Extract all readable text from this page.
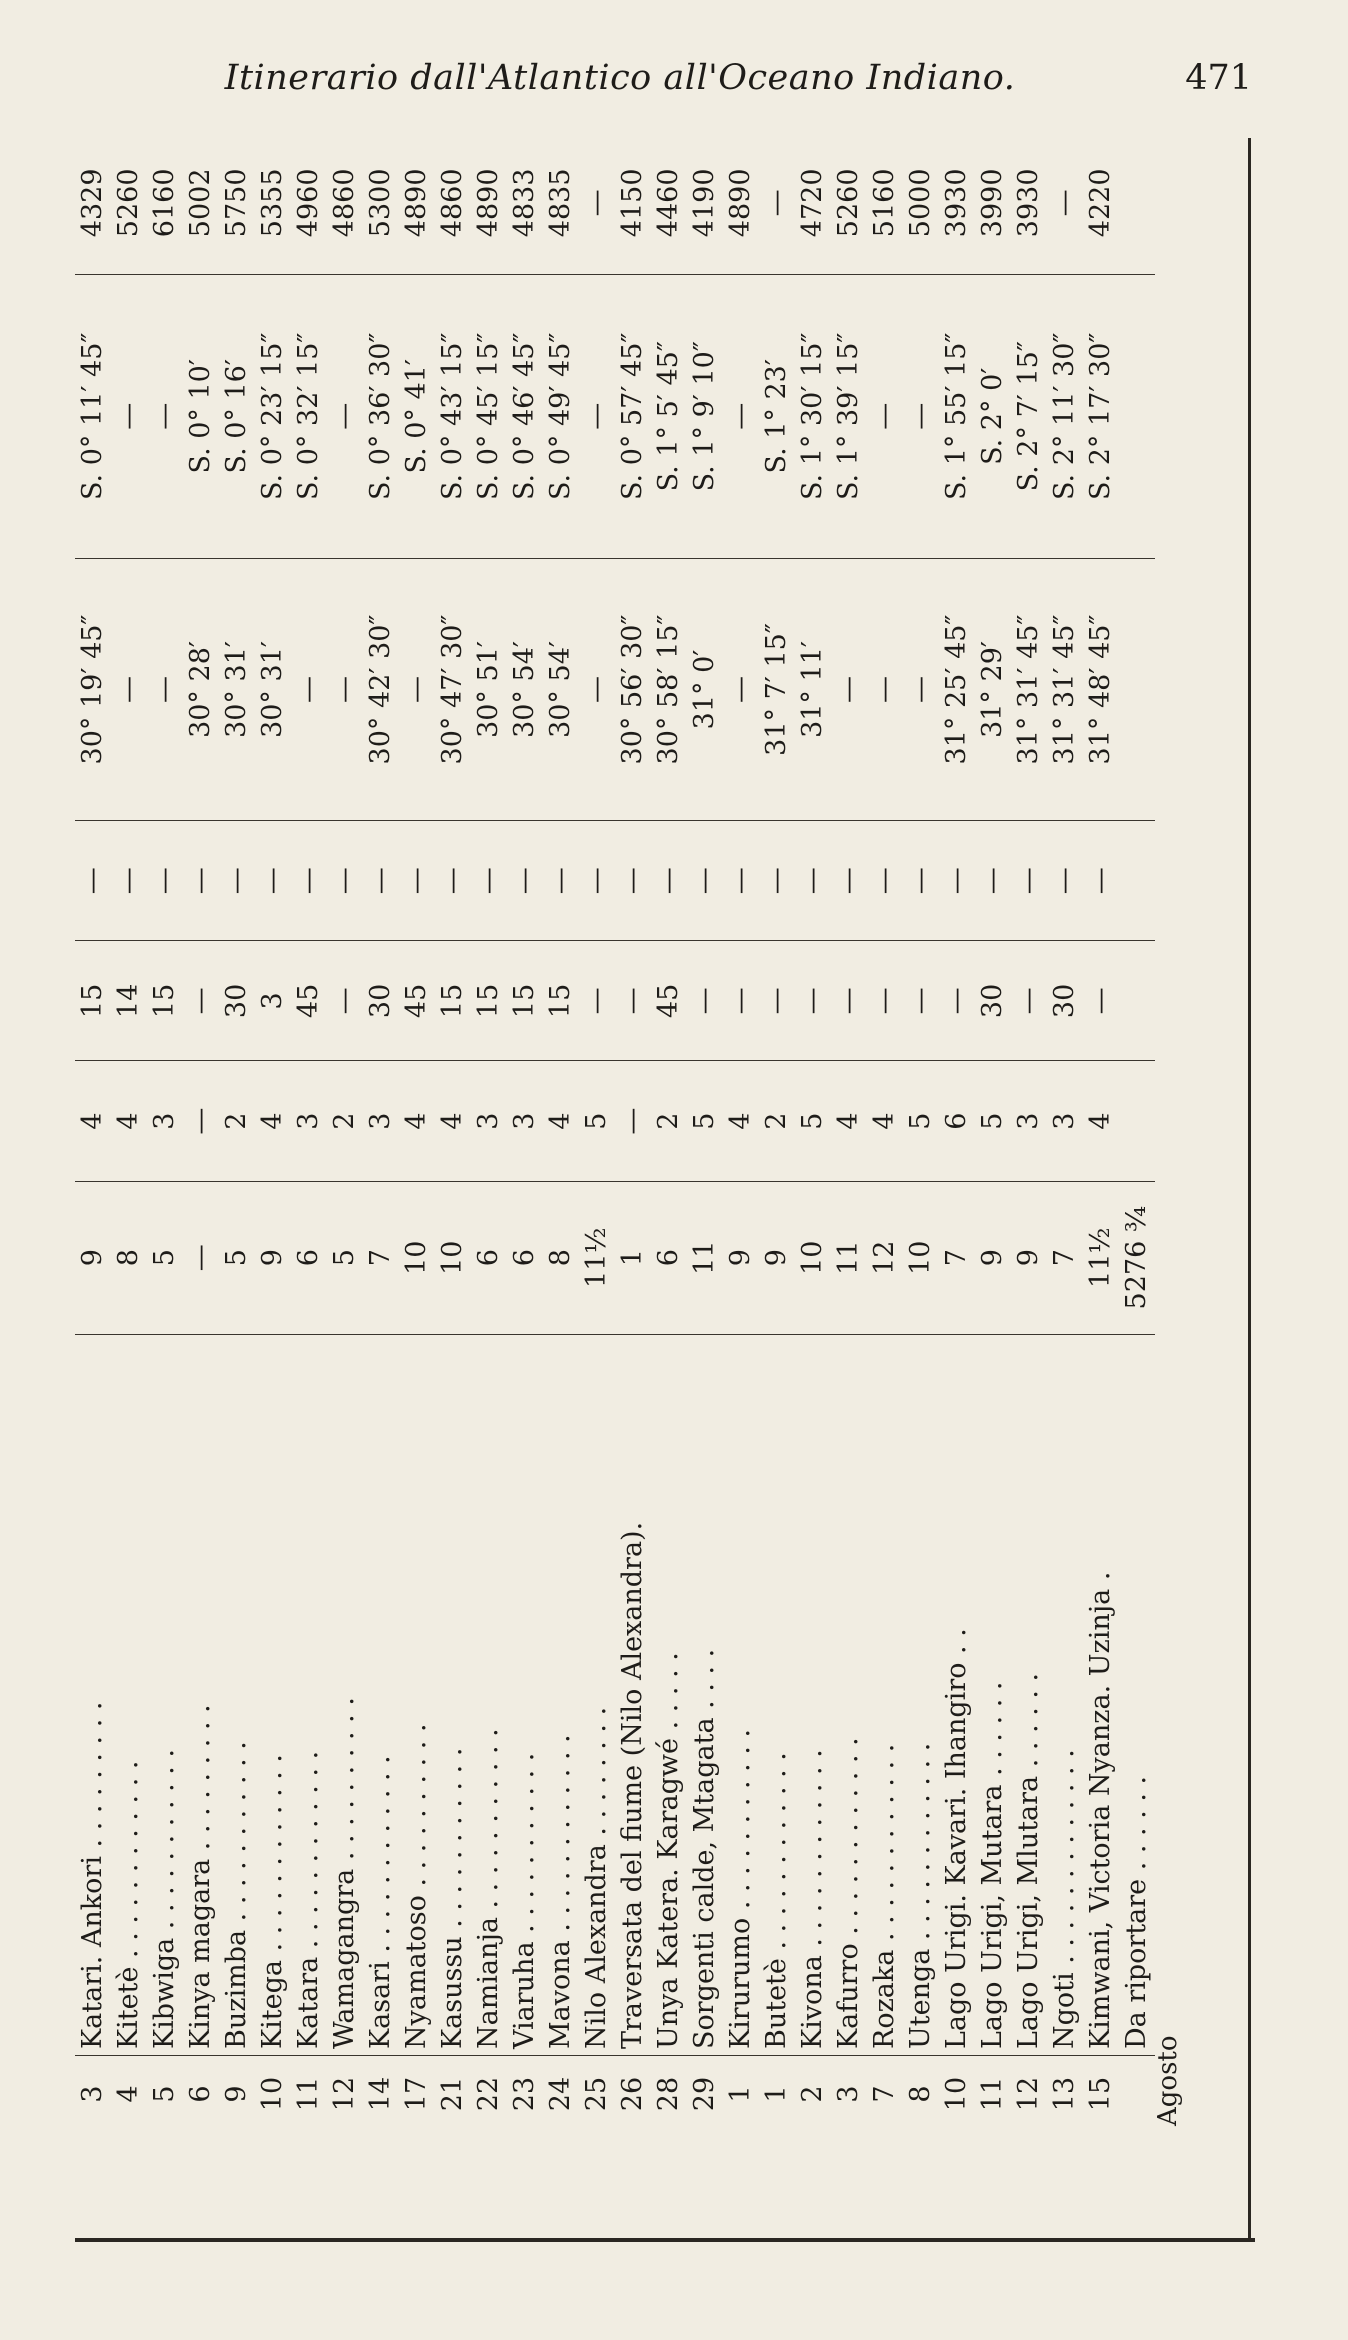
Itinerario dall'Atlantico all'Oceano Indiano.	471
3	Katari. Ankori . . . . . . . . .	9	4	15	—	30° 19′ 45″	S. 0° 11′ 45″	4329
4	Kitetè . . . . . . . . . . . .	8	4	14	—	—	—	5260
5	Kibwiga . . . . . . . . . . .	5	3	15	—	—	—	6160
6	Kinya magara . . . . . . . . .	—	—	—	—	30° 28′	S. 0° 10′	5002
9	Buzimba . . . . . . . . . . .	5	2	30	—	30° 31′	S. 0° 16′	5750
10	Kitega . . . . . . . . . . . .	9	4	3	—	30° 31′	S. 0° 23′ 15″	5355
11	Katara . . . . . . . . . . . .	6	3	45	—	—	S. 0° 32′ 15″	4960
12	Wamagangra . . . . . . . . . .	5	2	—	—	—	—	4860
14	Kasari . . . . . . . . . . . .	7	3	30	—	30° 42′ 30″	S. 0° 36′ 30″	5300
17	Nyamatoso . . . . . . . . . .	10	4	45	—	—	S. 0° 41′	4890
21	Kasussu . . . . . . . . . . .	10	4	15	—	30° 47′ 30″	S. 0° 43′ 15″	4860
22	Namianja . . . . . . . . . . .	6	3	15	—	30° 51′	S. 0° 45′ 15″	4890
23	Viaruha . . . . . . . . . . .	6	3	15	—	30° 54′	S. 0° 46′ 45″	4833
24	Mavona . . . . . . . . . . . .	8	4	15	—	30° 54′	S. 0° 49′ 45″	4835
25	Nilo Alexandra . . . . . . . .	11½	5	—	—	—	—	—
26	Traversata del fiume (Nilo Alexandra).	1	—	—	—	30° 56′ 30″	S. 0° 57′ 45″	4150
28	Unya Katera. Karagwé . . . . .	6	2	45	—	30° 58′ 15″	S. 1° 5′ 45″	4460
29	Sorgenti calde, Mtagata . . . .	11	5	—	—	31° 0′	S. 1° 9′ 10″	4190
1	Kirurumo . . . . . . . . . . .	9	4	—	—	—	—	4890
1	Butetè . . . . . . . . . . . .	9	2	—	—	31° 7′ 15″	S. 1° 23′	—
2	Kivona . . . . . . . . . . . .	10	5	—	—	31° 11′	S. 1° 30′ 15″	4720
3	Kafurro . . . . . . . . . . . .	11	4	—	—	—	S. 1° 39′ 15″	5260
7	Rozaka . . . . . . . . . . . .	12	4	—	—	—	—	5160
8	Utenga . . . . . . . . . . . .	10	5	—	—	—	—	5000
10	Lago Urigi. Kavari. Ihangiro . .	7	6	—	—	31° 25′ 45″	S. 1° 55′ 15″	3930
11	Lago Urigi, Mutara . . . . . .	9	5	30	—	31° 29′	S. 2° 0′	3990
12	Lago Urigi, Mlutara . . . . . .	9	3	—	—	31° 31′ 45″	S. 2° 7′ 15″	3930
13	Ngoti . . . . . . . . . . . . .	7	3	30	—	31° 31′ 45″	S. 2° 11′ 30″	—
15	Kimwani, Victoria Nyanza. Uzinja .	11½	4	—	—	31° 48′ 45″	S. 2° 17′ 30″	4220
	Da riportare . . . . . .	5276 ¾						
Agosto								
